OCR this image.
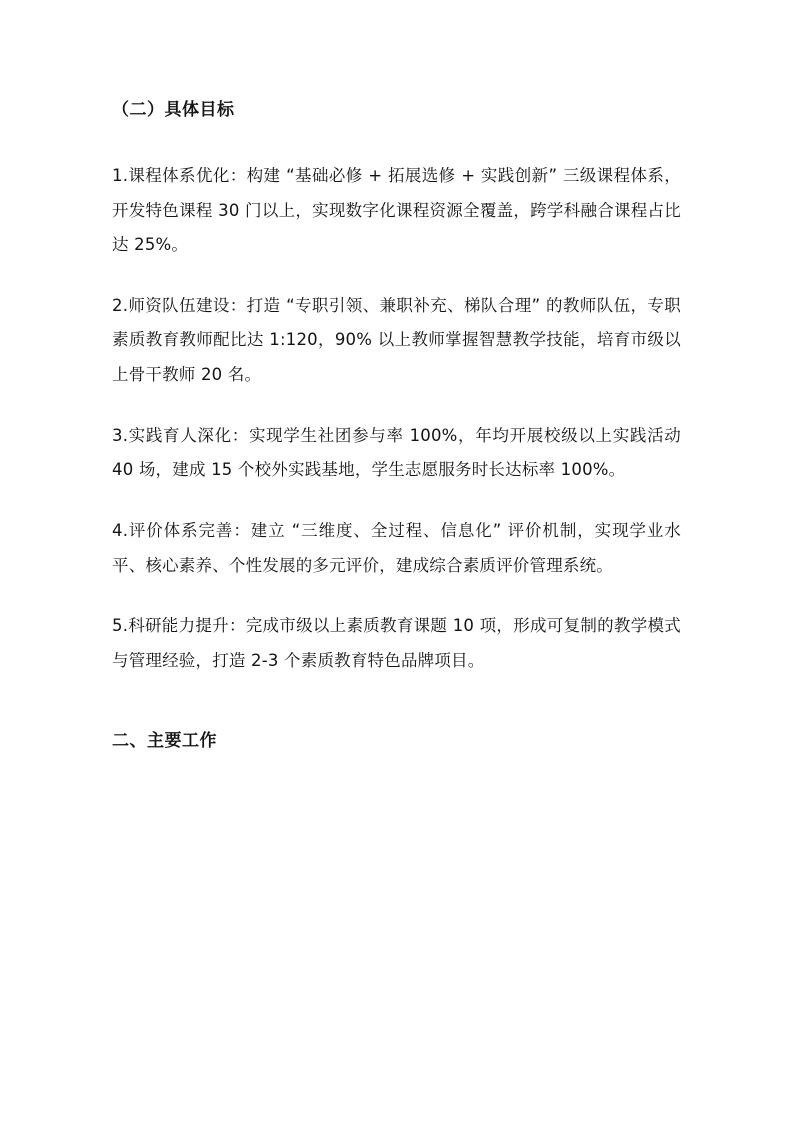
（二）具体目标

1.课程体系优化：构建 “基础必修 + 拓展选修 + 实践创新” 三级课程体系，开发特色课程 30 门以上，实现数字化课程资源全覆盖，跨学科融合课程占比达 25%。

2.师资队伍建设：打造 “专职引领、兼职补充、梯队合理” 的教师队伍，专职素质教育教师配比达 1:120，90% 以上教师掌握智慧教学技能，培育市级以上骨干教师 20 名。

3.实践育人深化：实现学生社团参与率 100%，年均开展校级以上实践活动 40 场，建成 15 个校外实践基地，学生志愿服务时长达标率 100%。

4.评价体系完善：建立 “三维度、全过程、信息化” 评价机制，实现学业水平、核心素养、个性发展的多元评价，建成综合素质评价管理系统。

5.科研能力提升：完成市级以上素质教育课题 10 项，形成可复制的教学模式与管理经验，打造 2-3 个素质教育特色品牌项目。

二、主要工作
